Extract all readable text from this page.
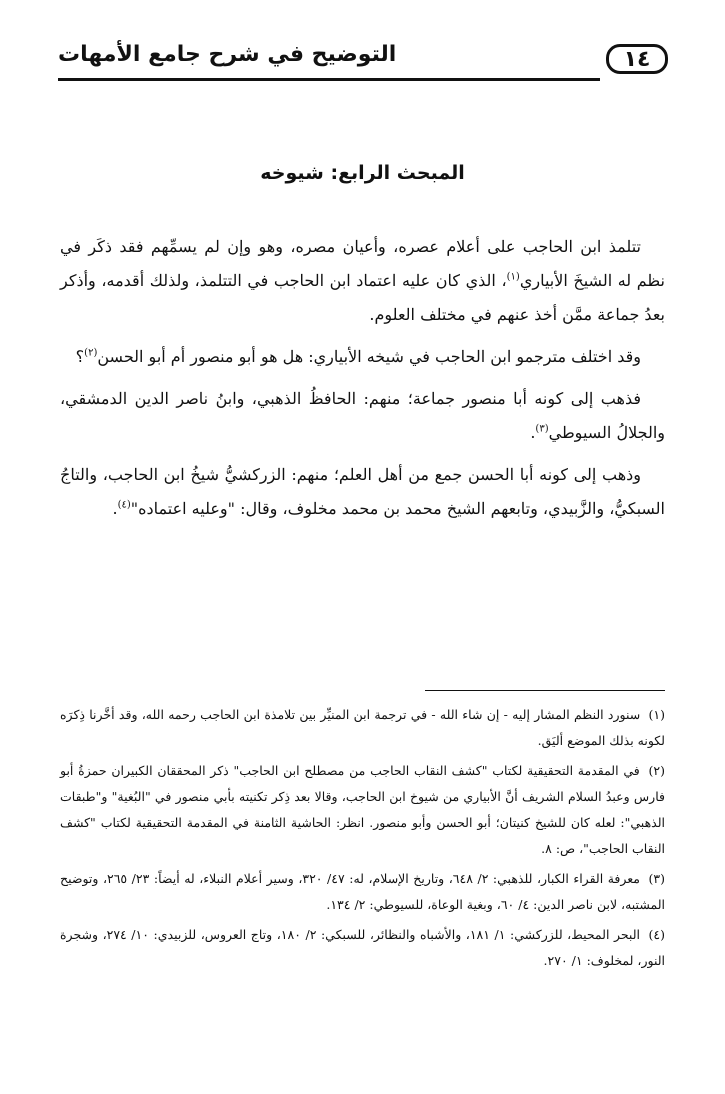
١٤
التوضيح في شرح جامع الأمهات
المبحث الرابع: شيوخه

تتلمذ ابن الحاجب على أعلام عصره، وأعيان مصره، وهو وإن لم يسمِّهم فقد ذكَر في نظم له الشيخَ الأبياري$^{(١)}$، الذي كان عليه اعتماد ابن الحاجب في التتلمذ، ولذلك أقدمه، وأذكر بعدُ جماعة ممَّن أخذ عنهم في مختلف العلوم.

وقد اختلف مترجمو ابن الحاجب في شيخه الأبياري: هل هو أبو منصور أم أبو الحسن$^{(٢)}$؟

فذهب إلى كونه أبا منصور جماعة؛ منهم: الحافظُ الذهبي، وابنُ ناصر الدين الدمشقي، والجلالُ السيوطي$^{(٣)}$.

وذهب إلى كونه أبا الحسن جمع من أهل العلم؛ منهم: الزركشيُّ شيخُ ابن الحاجب، والتاجُ السبكيُّ، والزَّبيدي، وتابعهم الشيخ محمد بن محمد مخلوف، وقال: "وعليه اعتماده"$^{(٤)}$.

(١) سنورد النظم المشار إليه - إن شاء الله - في ترجمة ابن المنيِّر بين تلامذة ابن الحاجب رحمه الله، وقد أخَّرنا ذِكرَه لكونه بذلك الموضع أليَق.

(٢) في المقدمة التحقيقية لكتاب "كشف النقاب الحاجب من مصطلح ابن الحاجب" ذكر المحققان الكبيران حمزةُ أبو فارس وعبدُ السلام الشريف أنَّ الأبياري من شيوخ ابن الحاجب، وقالا بعد ذِكر تكنيته بأبي منصور في "البُغية" و"طبقات الذهبي": لعله كان للشيخ كنيتان؛ أبو الحسن وأبو منصور. انظر: الحاشية الثامنة في المقدمة التحقيقية لكتاب "كشف النقاب الحاجب"، ص: ٨.

(٣) معرفة القراء الكبار، للذهبي: ٢/ ٦٤٨، وتاريخ الإسلام، له: ٤٧/ ٣٢٠، وسير أعلام النبلاء، له أيضاً: ٢٣/ ٢٦٥، وتوضيح المشتبه، لابن ناصر الدين: ٤/ ٦٠، وبغية الوعاة، للسيوطي: ٢/ ١٣٤.

(٤) البحر المحيط، للزركشي: ١/ ١٨١، والأشباه والنظائر، للسبكي: ٢/ ١٨٠، وتاج العروس، للزبيدي: ١٠/ ٢٧٤، وشجرة النور، لمخلوف: ١/ ٢٧٠.
